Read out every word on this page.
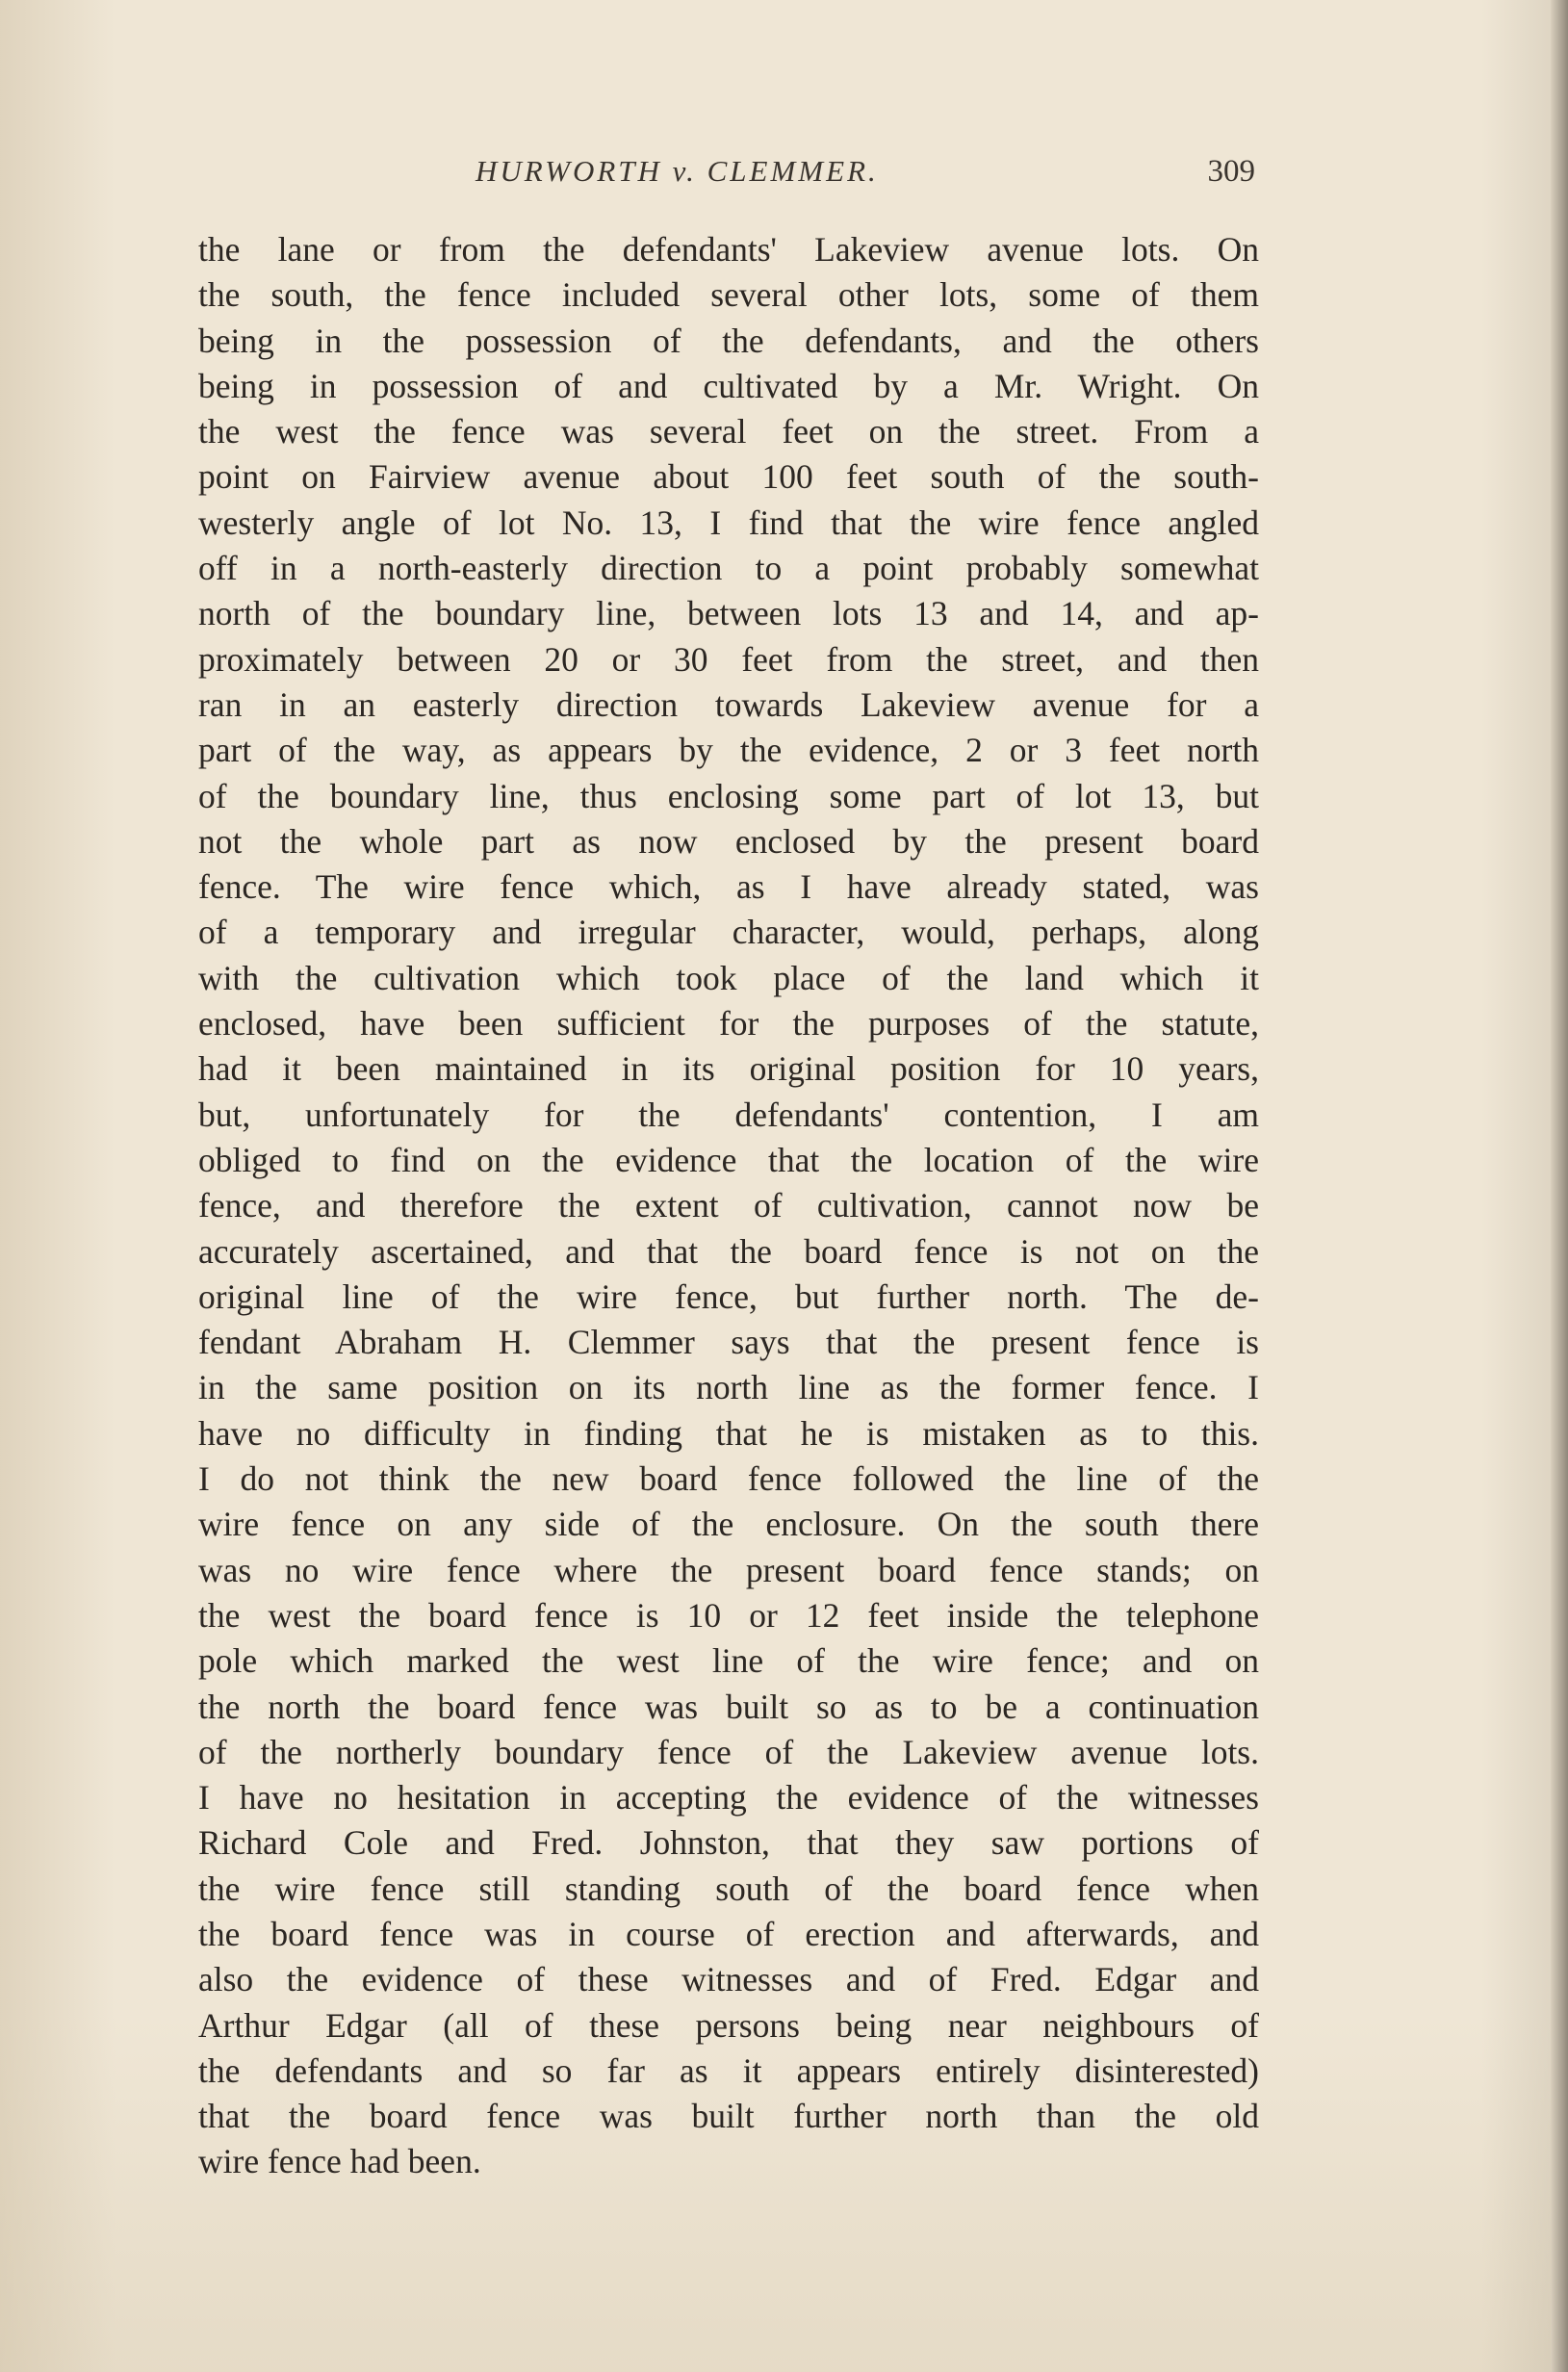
HURWORTH v. CLEMMER.	309
the lane or from the defendants' Lakeview avenue lots. On
the south, the fence included several other lots, some of them
being in the possession of the defendants, and the others
being in possession of and cultivated by a Mr. Wright. On
the west the fence was several feet on the street. From a
point on Fairview avenue about 100 feet south of the south-
westerly angle of lot No. 13, I find that the wire fence angled
off in a north-easterly direction to a point probably somewhat
north of the boundary line, between lots 13 and 14, and ap-
proximately between 20 or 30 feet from the street, and then
ran in an easterly direction towards Lakeview avenue for a
part of the way, as appears by the evidence, 2 or 3 feet north
of the boundary line, thus enclosing some part of lot 13, but
not the whole part as now enclosed by the present board
fence. The wire fence which, as I have already stated, was
of a temporary and irregular character, would, perhaps, along
with the cultivation which took place of the land which it
enclosed, have been sufficient for the purposes of the statute,
had it been maintained in its original position for 10 years,
but, unfortunately for the defendants' contention, I am
obliged to find on the evidence that the location of the wire
fence, and therefore the extent of cultivation, cannot now be
accurately ascertained, and that the board fence is not on the
original line of the wire fence, but further north. The de-
fendant Abraham H. Clemmer says that the present fence is
in the same position on its north line as the former fence. I
have no difficulty in finding that he is mistaken as to this.
I do not think the new board fence followed the line of the
wire fence on any side of the enclosure. On the south there
was no wire fence where the present board fence stands; on
the west the board fence is 10 or 12 feet inside the telephone
pole which marked the west line of the wire fence; and on
the north the board fence was built so as to be a continuation
of the northerly boundary fence of the Lakeview avenue lots.
I have no hesitation in accepting the evidence of the witnesses
Richard Cole and Fred. Johnston, that they saw portions of
the wire fence still standing south of the board fence when
the board fence was in course of erection and afterwards, and
also the evidence of these witnesses and of Fred. Edgar and
Arthur Edgar (all of these persons being near neighbours of
the defendants and so far as it appears entirely disinterested)
that the board fence was built further north than the old
wire fence had been.
